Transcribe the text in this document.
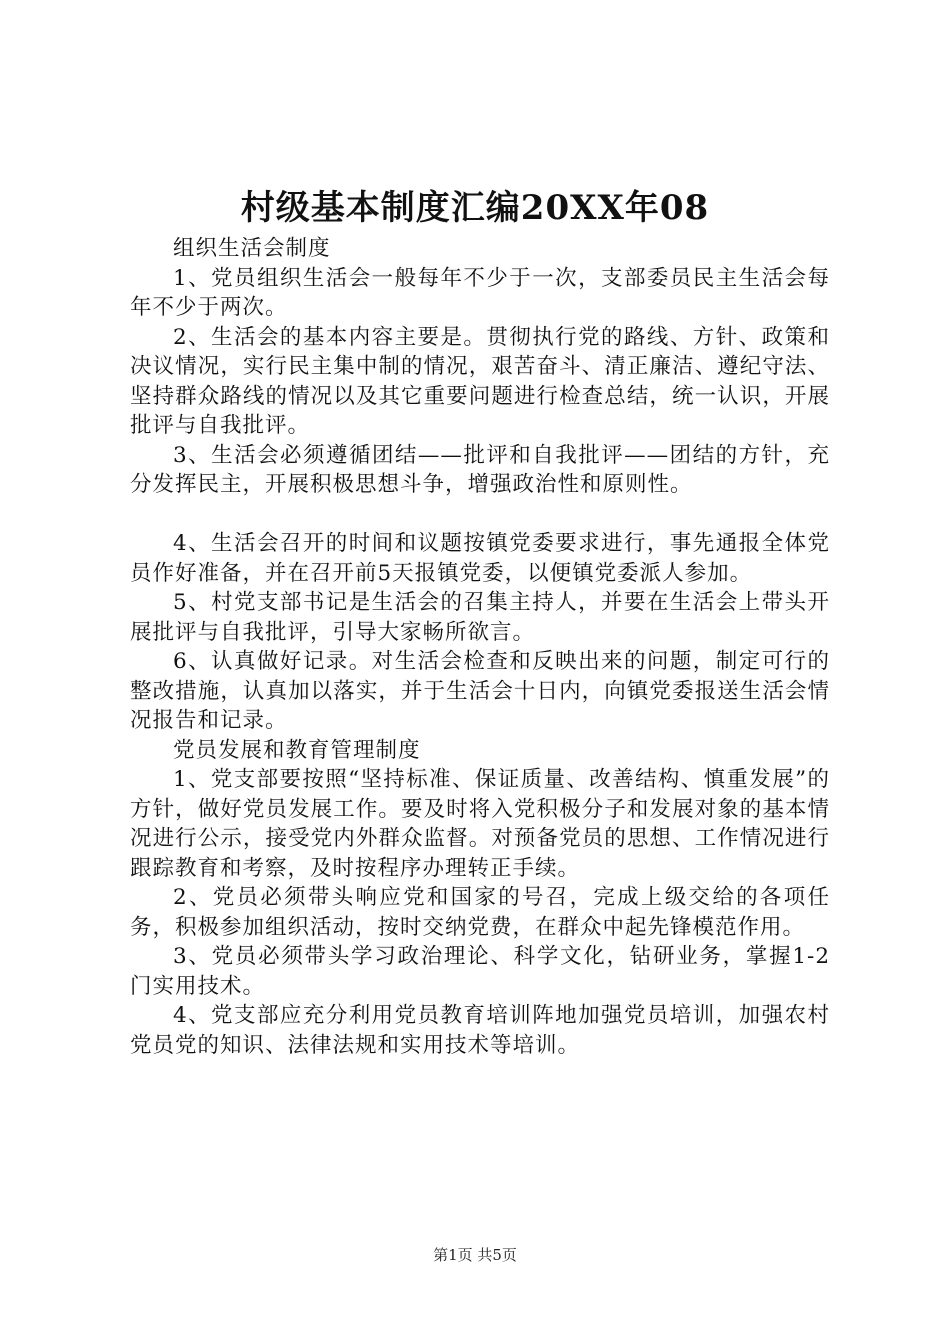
村级基本制度汇编20XX年08

组织生活会制度

1、党员组织生活会一般每年不少于一次，支部委员民主生活会每年不少于两次。

2、生活会的基本内容主要是。贯彻执行党的路线、方针、政策和决议情况，实行民主集中制的情况，艰苦奋斗、清正廉洁、遵纪守法、坚持群众路线的情况以及其它重要问题进行检查总结，统一认识，开展批评与自我批评。

3、生活会必须遵循团结——批评和自我批评——团结的方针，充分发挥民主，开展积极思想斗争，增强政治性和原则性。

4、生活会召开的时间和议题按镇党委要求进行，事先通报全体党员作好准备，并在召开前5天报镇党委，以便镇党委派人参加。

5、村党支部书记是生活会的召集主持人，并要在生活会上带头开展批评与自我批评，引导大家畅所欲言。

6、认真做好记录。对生活会检查和反映出来的问题，制定可行的整改措施，认真加以落实，并于生活会十日内，向镇党委报送生活会情况报告和记录。

党员发展和教育管理制度

1、党支部要按照“坚持标准、保证质量、改善结构、慎重发展”的方针，做好党员发展工作。要及时将入党积极分子和发展对象的基本情况进行公示，接受党内外群众监督。对预备党员的思想、工作情况进行跟踪教育和考察，及时按程序办理转正手续。

2、党员必须带头响应党和国家的号召，完成上级交给的各项任务，积极参加组织活动，按时交纳党费，在群众中起先锋模范作用。

3、党员必须带头学习政治理论、科学文化，钻研业务，掌握1-2门实用技术。

4、党支部应充分利用党员教育培训阵地加强党员培训，加强农村党员党的知识、法律法规和实用技术等培训。

第1页 共5页
